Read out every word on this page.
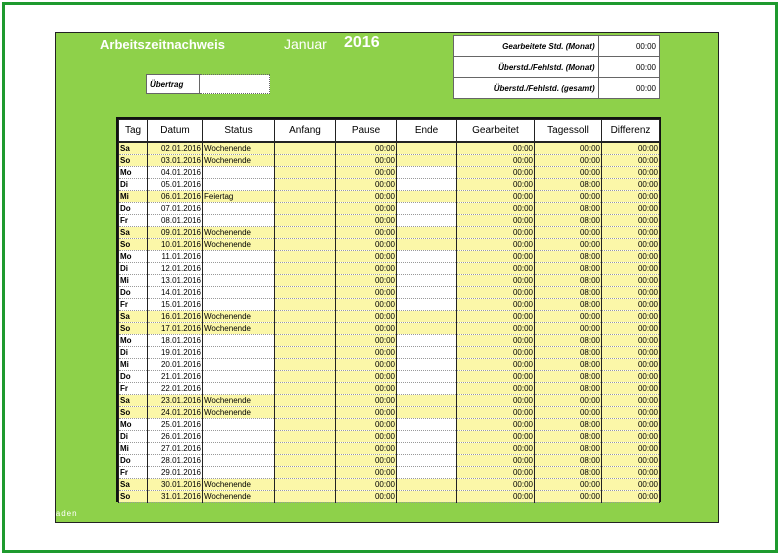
Arbeitszeitnachweis	Januar 2016	Gearbeitete Std. (Monat)	00:00
Überstd./Fehlstd. (Monat)	00:00
Überstd./Fehlstd. (gesamt)	00:00
Übertrag	
Tag	Datum	Status	Anfang	Pause	Ende	Gearbeitet	Tagessoll	Differenz
Sa	02.01.2016	Wochenende		00:00		00:00	00:00	00:00
So	03.01.2016	Wochenende		00:00		00:00	00:00	00:00
Mo	04.01.2016			00:00		00:00	00:00	00:00
Di	05.01.2016			00:00		00:00	08:00	00:00
Mi	06.01.2016	Feiertag		00:00		00:00	00:00	00:00
Do	07.01.2016			00:00		00:00	08:00	00:00
Fr	08.01.2016			00:00		00:00	08:00	00:00
Sa	09.01.2016	Wochenende		00:00		00:00	00:00	00:00
So	10.01.2016	Wochenende		00:00		00:00	00:00	00:00
Mo	11.01.2016			00:00		00:00	08:00	00:00
Di	12.01.2016			00:00		00:00	08:00	00:00
Mi	13.01.2016			00:00		00:00	08:00	00:00
Do	14.01.2016			00:00		00:00	08:00	00:00
Fr	15.01.2016			00:00		00:00	08:00	00:00
Sa	16.01.2016	Wochenende		00:00		00:00	00:00	00:00
So	17.01.2016	Wochenende		00:00		00:00	00:00	00:00
Mo	18.01.2016			00:00		00:00	08:00	00:00
Di	19.01.2016			00:00		00:00	08:00	00:00
Mi	20.01.2016			00:00		00:00	08:00	00:00
Do	21.01.2016			00:00		00:00	08:00	00:00
Fr	22.01.2016			00:00		00:00	08:00	00:00
Sa	23.01.2016	Wochenende		00:00		00:00	00:00	00:00
So	24.01.2016	Wochenende		00:00		00:00	00:00	00:00
Mo	25.01.2016			00:00		00:00	08:00	00:00
Di	26.01.2016			00:00		00:00	08:00	00:00
Mi	27.01.2016			00:00		00:00	08:00	00:00
Do	28.01.2016			00:00		00:00	08:00	00:00
Fr	29.01.2016			00:00		00:00	08:00	00:00
Sa	30.01.2016	Wochenende		00:00		00:00	00:00	00:00
So	31.01.2016	Wochenende		00:00		00:00	00:00	00:00
laden
